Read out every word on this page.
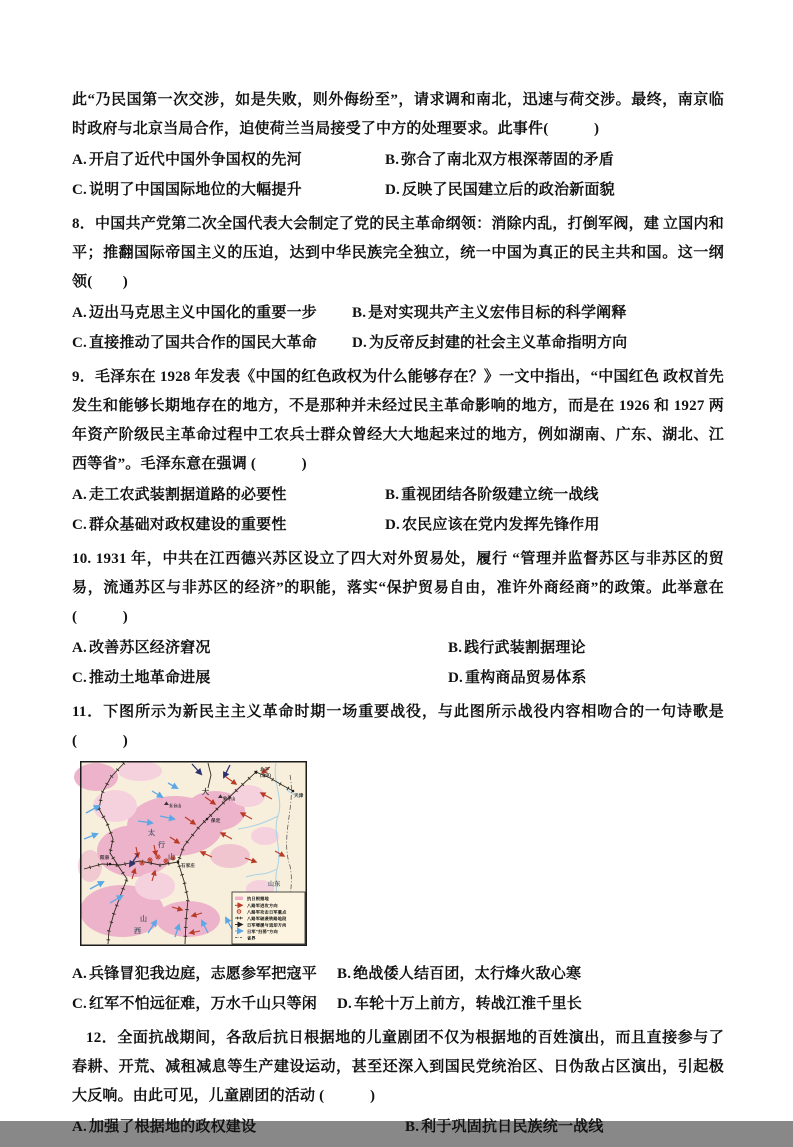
此“乃民国第一次交涉，如是失败，则外侮纷至”，请求调和南北，迅速与荷交涉。最终，南京临时政府与北京当局合作，迫使荷兰当局接受了中方的处理要求。此事件(　　　)

A. 开启了近代中国外争国权的先河	B. 弥合了南北双方根深蒂固的矛盾
C. 说明了中国国际地位的大幅提升	D. 反映了民国建立后的政治新面貌

8．中国共产党第二次全国代表大会制定了党的民主革命纲领：消除内乱，打倒军阀，建 立国内和平；推翻国际帝国主义的压迫，达到中华民族完全独立，统一中国为真正的民主共和国。这一纲领(　　)

A. 迈出马克思主义中国化的重要一步 B. 是对实现共产主义宏伟目标的科学阐释
C. 直接推动了国共合作的国民大革命 D. 为反帝反封建的社会主义革命指明方向

9．毛泽东在 1928 年发表《中国的红色政权为什么能够存在？》一文中指出，“中国红色 政权首先发生和能够长期地存在的地方，不是那种并未经过民主革命影响的地方，而是在 1926 和 1927 两年资产阶级民主革命过程中工农兵士群众曾经大大地起来过的地方，例如湖南、广东、湖北、江西等省”。毛泽东意在强调 (　　　)

A. 走工农武装割据道路的必要性	B. 重视团结各阶级建立统一战线
C. 群众基础对政权建设的重要性	D. 农民应该在党内发挥先锋作用

10. 1931 年，中共在江西德兴苏区设立了四大对外贸易处，履行 “管理并监督苏区与非苏区的贸易，流通苏区与非苏区的经济”的职能，落实“保护贸易自由，准许外商经商”的政策。此举意在(　　　)

A. 改善苏区经济窘况	B. 践行武装割据理论
C. 推动土地革命进展	D. 重构商品贸易体系

11．下图所示为新民主主义革命时期一场重要战役，与此图所示战役内容相吻合的一句诗歌是(　　　)

北平
(北京)
天津
保定
石家庄
阳泉
五台山
狼牙山
大
太
行
山
山
西
山东
抗日根据地
八路军进攻方向
八路军攻击日军重点
八路军破袭铁路地段
日军增援与退却方向
日军“扫荡”方向
省界
A. 兵锋冒犯我边庭，志愿参军把寇平 B. 绝战倭人结百团，太行烽火敌心寒
C. 红军不怕远征难，万水千山只等闲 D. 车轮十万上前方，转战江淮千里长

12．全面抗战期间，各敌后抗日根据地的儿童剧团不仅为根据地的百姓演出，而且直接参与了春耕、开荒、减租减息等生产建设运动，甚至还深入到国民党统治区、日伪敌占区演出，引起极大反响。由此可见，儿童剧团的活动 (　　　)

A. 加强了根据地的政权建设	B. 利于巩固抗日民族统一战线
